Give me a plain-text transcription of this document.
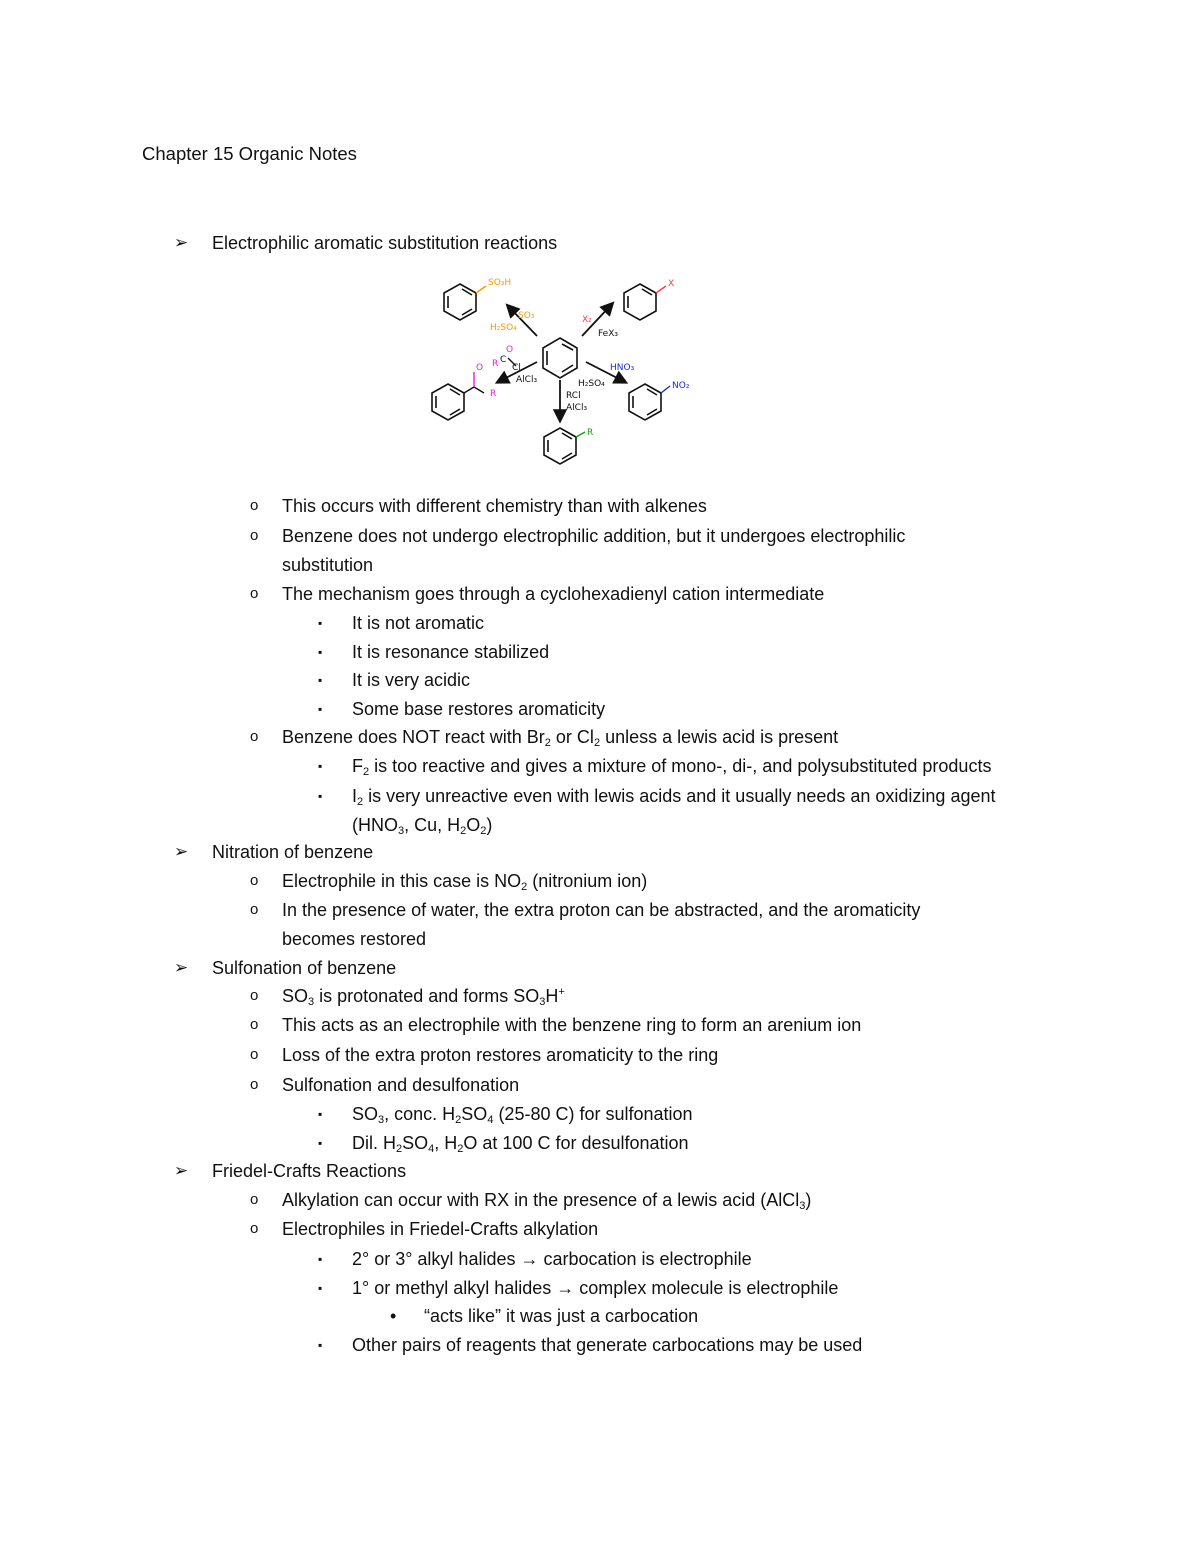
Chapter 15 Organic Notes
➢ Electrophilic aromatic substitution reactions
SO₃H
SO₃
H₂SO₄
X
X₂
FeX₃
O
R C
Cl
AlCl₃
O
R
HNO₃
H₂SO₄	NO₂
RCl
AlCl₃
R
o This occurs with different chemistry than with alkenes
o Benzene does not undergo electrophilic addition, but it undergoes electrophilic
substitution
o The mechanism goes through a cyclohexadienyl cation intermediate
▪ It is not aromatic
▪ It is resonance stabilized
▪ It is very acidic
▪ Some base restores aromaticity
o Benzene does NOT react with $Br_2$ or $Cl_2$ unless a lewis acid is present
▪ $F_2$ is too reactive and gives a mixture of mono-, di-, and polysubstituted products
▪ $I_2$ is very unreactive even with lewis acids and it usually needs an oxidizing agent
($HNO_3$, Cu, $H_2O_2$)
➢ Nitration of benzene
o Electrophile in this case is $NO_2$ (nitronium ion)
o In the presence of water, the extra proton can be abstracted, and the aromaticity
becomes restored
➢ Sulfonation of benzene
o $SO_3$ is protonated and forms $SO_3H^+$
o This acts as an electrophile with the benzene ring to form an arenium ion
o Loss of the extra proton restores aromaticity to the ring
o Sulfonation and desulfonation
▪ $SO_3$, conc. $H_2SO_4$ (25-80 C) for sulfonation
▪ Dil. $H_2SO_4$, $H_2O$ at 100 C for desulfonation
➢ Friedel-Crafts Reactions
o Alkylation can occur with RX in the presence of a lewis acid (AlCl$_3$)
o Electrophiles in Friedel-Crafts alkylation
▪ 2° or 3° alkyl halides → carbocation is electrophile
▪ 1° or methyl alkyl halides → complex molecule is electrophile
• “acts like” it was just a carbocation
▪ Other pairs of reagents that generate carbocations may be used
